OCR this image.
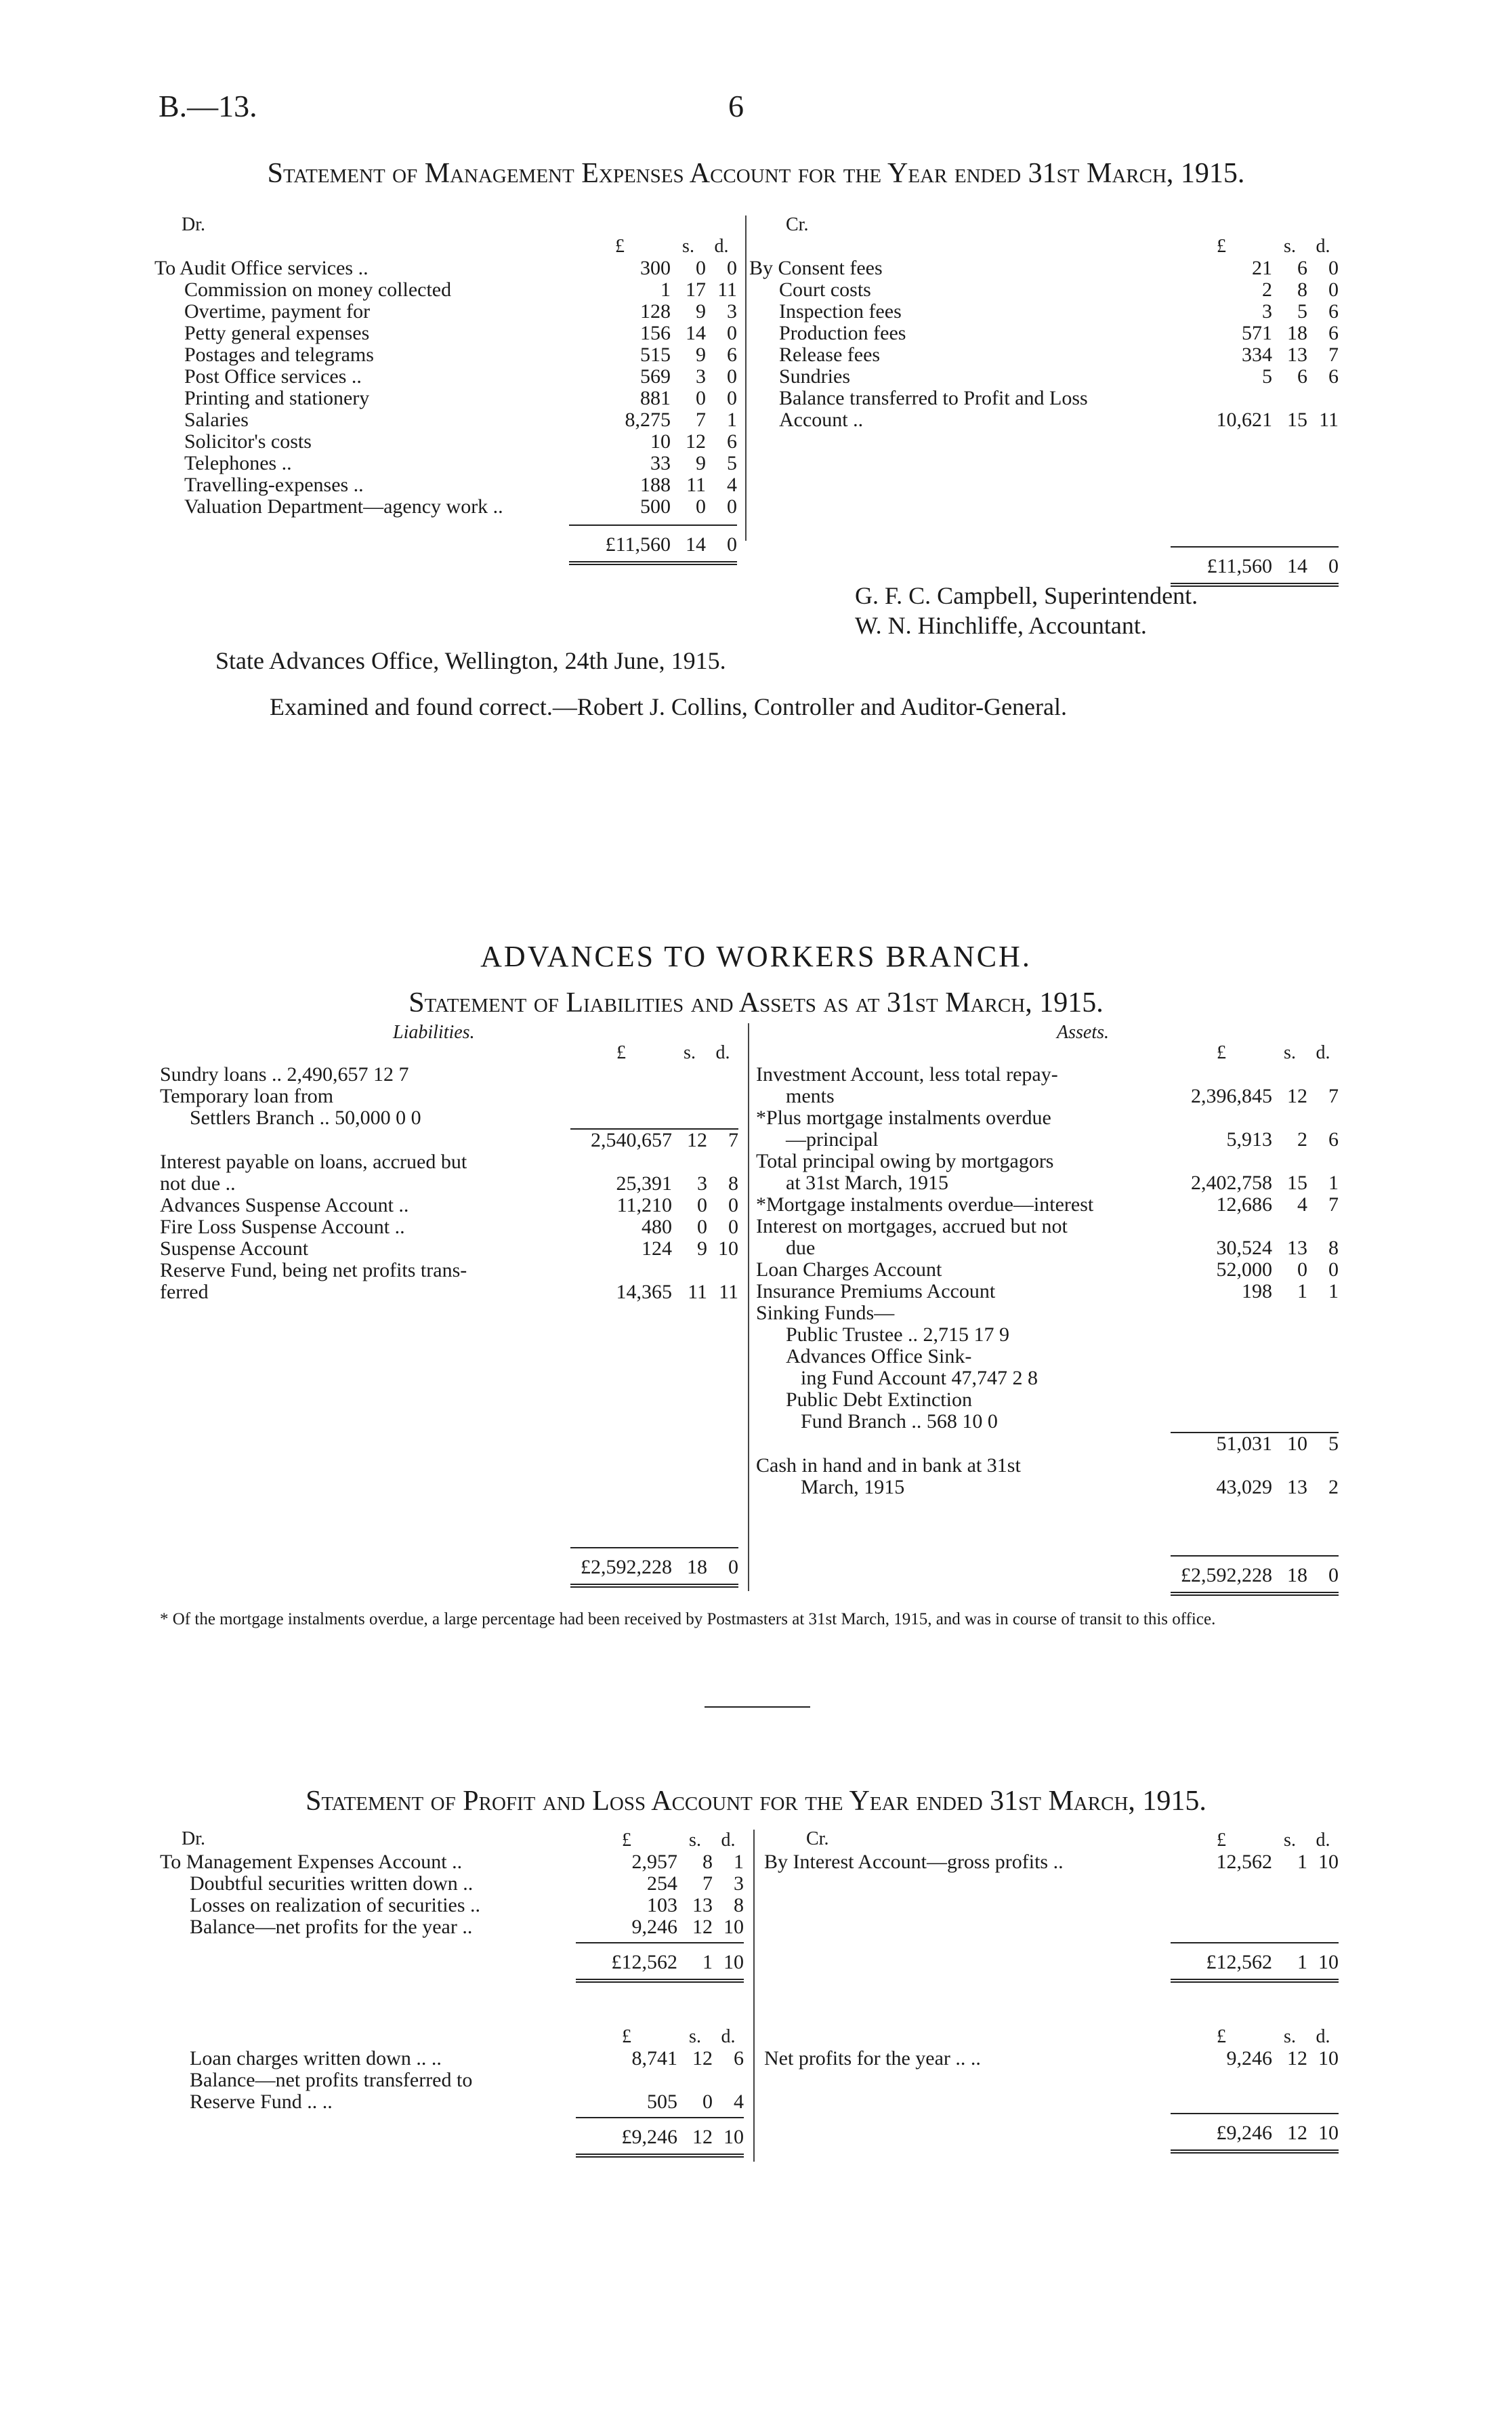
B.—13.	6
Statement of Management Expenses Account for the Year ended 31st March, 1915.
Dr.	Cr.
	£	s.	d.
To Audit Office services ..	300	0	0
Commission on money collected	1	17	11
Overtime, payment for	128	9	3
Petty general expenses	156	14	0
Postages and telegrams	515	9	6
Post Office services ..	569	3	0
Printing and stationery	881	0	0
Salaries	8,275	7	1
Solicitor's costs	10	12	6
Telephones ..	33	9	5
Travelling-expenses ..	188	11	4
Valuation Department—agency work ..	500	0	0

	£11,560	14	0
	£	s.	d.
By Consent fees	21	6	0
Court costs	2	8	0
Inspection fees	3	5	6
Production fees	571	18	6
Release fees	334	13	7
Sundries	5	6	6
Balance transferred to Profit and Loss			
Account ..	10,621	15	11

	£11,560	14	0
G. F. C. Campbell, Superintendent.
W. N. Hinchliffe, Accountant.
State Advances Office, Wellington, 24th June, 1915.
Examined and found correct.—Robert J. Collins, Controller and Auditor-General.
ADVANCES TO WORKERS BRANCH.
Statement of Liabilities and Assets as at 31st March, 1915.
Liabilities.	Assets.
	£	s.	d.
Sundry loans .. 2,490,657 12 7			
Temporary loan from			
Settlers Branch .. 50,000 0 0			
	2,540,657	12	7
Interest payable on loans, accrued but			
not due ..	25,391	3	8
Advances Suspense Account ..	11,210	0	0
Fire Loss Suspense Account ..	480	0	0
Suspense Account	124	9	10
Reserve Fund, being net profits trans-			
ferred	14,365	11	11

	£2,592,228	18	0
	£	s.	d.
Investment Account, less total repay-			
ments	2,396,845	12	7
*Plus mortgage instalments overdue			
—principal	5,913	2	6
Total principal owing by mortgagors			
at 31st March, 1915	2,402,758	15	1
*Mortgage instalments overdue—interest	12,686	4	7
Interest on mortgages, accrued but not			
due	30,524	13	8
Loan Charges Account	52,000	0	0
Insurance Premiums Account	198	1	1
Sinking Funds—			
Public Trustee .. 2,715 17 9			
Advances Office Sink-			
ing Fund Account 47,747 2 8			
Public Debt Extinction			
Fund Branch .. 568 10 0			
	51,031	10	5
Cash in hand and in bank at 31st			
March, 1915	43,029	13	2

	£2,592,228	18	0
* Of the mortgage instalments overdue, a large percentage had been received by Postmasters at 31st March, 1915, and was in course of transit to this office.
Statement of Profit and Loss Account for the Year ended 31st March, 1915.
Dr.	Cr.
	£	s.	d.
To Management Expenses Account ..	2,957	8	1
Doubtful securities written down ..	254	7	3
Losses on realization of securities ..	103	13	8
Balance—net profits for the year ..	9,246	12	10

	£12,562	1	10
	£	s.	d.
By Interest Account—gross profits ..	12,562	1	10

	£12,562	1	10
	£	s.	d.
Loan charges written down .. ..	8,741	12	6
Balance—net profits transferred to			
Reserve Fund .. ..	505	0	4

	£9,246	12	10
	£	s.	d.
Net profits for the year .. ..	9,246	12	10

	£9,246	12	10
